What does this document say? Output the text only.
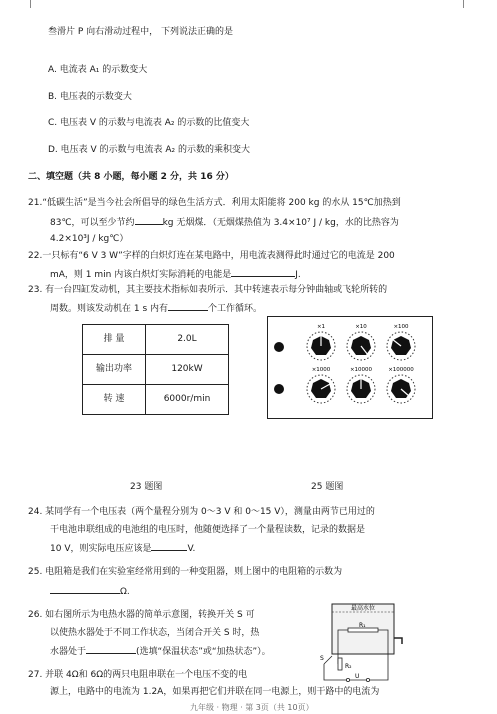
叁滑片 P 向右滑动过程中， 下列说法正确的是
A. 电流表 A₁ 的示数变大
B. 电压表的示数变大
C. 电压表 V 的示数与电流表 A₂ 的示数的比值变大
D. 电压表 V 的示数与电流表 A₂ 的示数的乘积变大
二、填空题（共 8 小题，每小题 2 分，共 16 分）
21.“低碳生活”是当今社会所倡导的绿色生活方式．利用太阳能将 200 kg 的水从 15℃加热到
83℃，可以至少节约	kg 无烟煤．（无烟煤热值为 3.4×10⁷ J / kg，水的比热容为
4.2×10³J / kg℃）
22.一只标有“6 V 3 W”字样的白炽灯连在某电路中，用电流表测得此时通过它的电流是 200
mA，则 1 min 内该白炽灯实际消耗的电能是	J.
23. 有一台四缸发动机，其主要技术指标如表所示．其中转速表示每分钟曲轴或飞轮所转的
周数。则该发动机在 1 s 内有	个工作循环。
排 量	2.0L
输出功率	120kW
转 速	6000r/min
×1	×10	×100
×1000	×10000	×100000
23 题图	25 题图
24. 某同学有一个电压表（两个量程分别为 0～3 V 和 0～15 V），测量由两节已用过的
干电池串联组成的电池组的电压时，他随便选择了一个量程读数，记录的数据是
10 V，则实际电压应该是	V.
25. 电阻箱是我们在实验室经常用到的一种变阻器，则上图中的电阻箱的示数为
Ω.
26. 如右图所示为电热水器的简单示意图，转换开关 S 可
以使热水器处于不同工作状态，当闭合开关 S 时，热
水器处于	(选填“保温状态”或“加热状态”）。
最高水位
R₁
R₂
S
U
27. 并联 4Ω和 6Ω的两只电阻串联在一个电压不变的电
源上，电路中的电流为 1.2A，如果再把它们并联在同一电源上，则干路中的电流为
九年级 · 物理 · 第 3页（共 10页）
